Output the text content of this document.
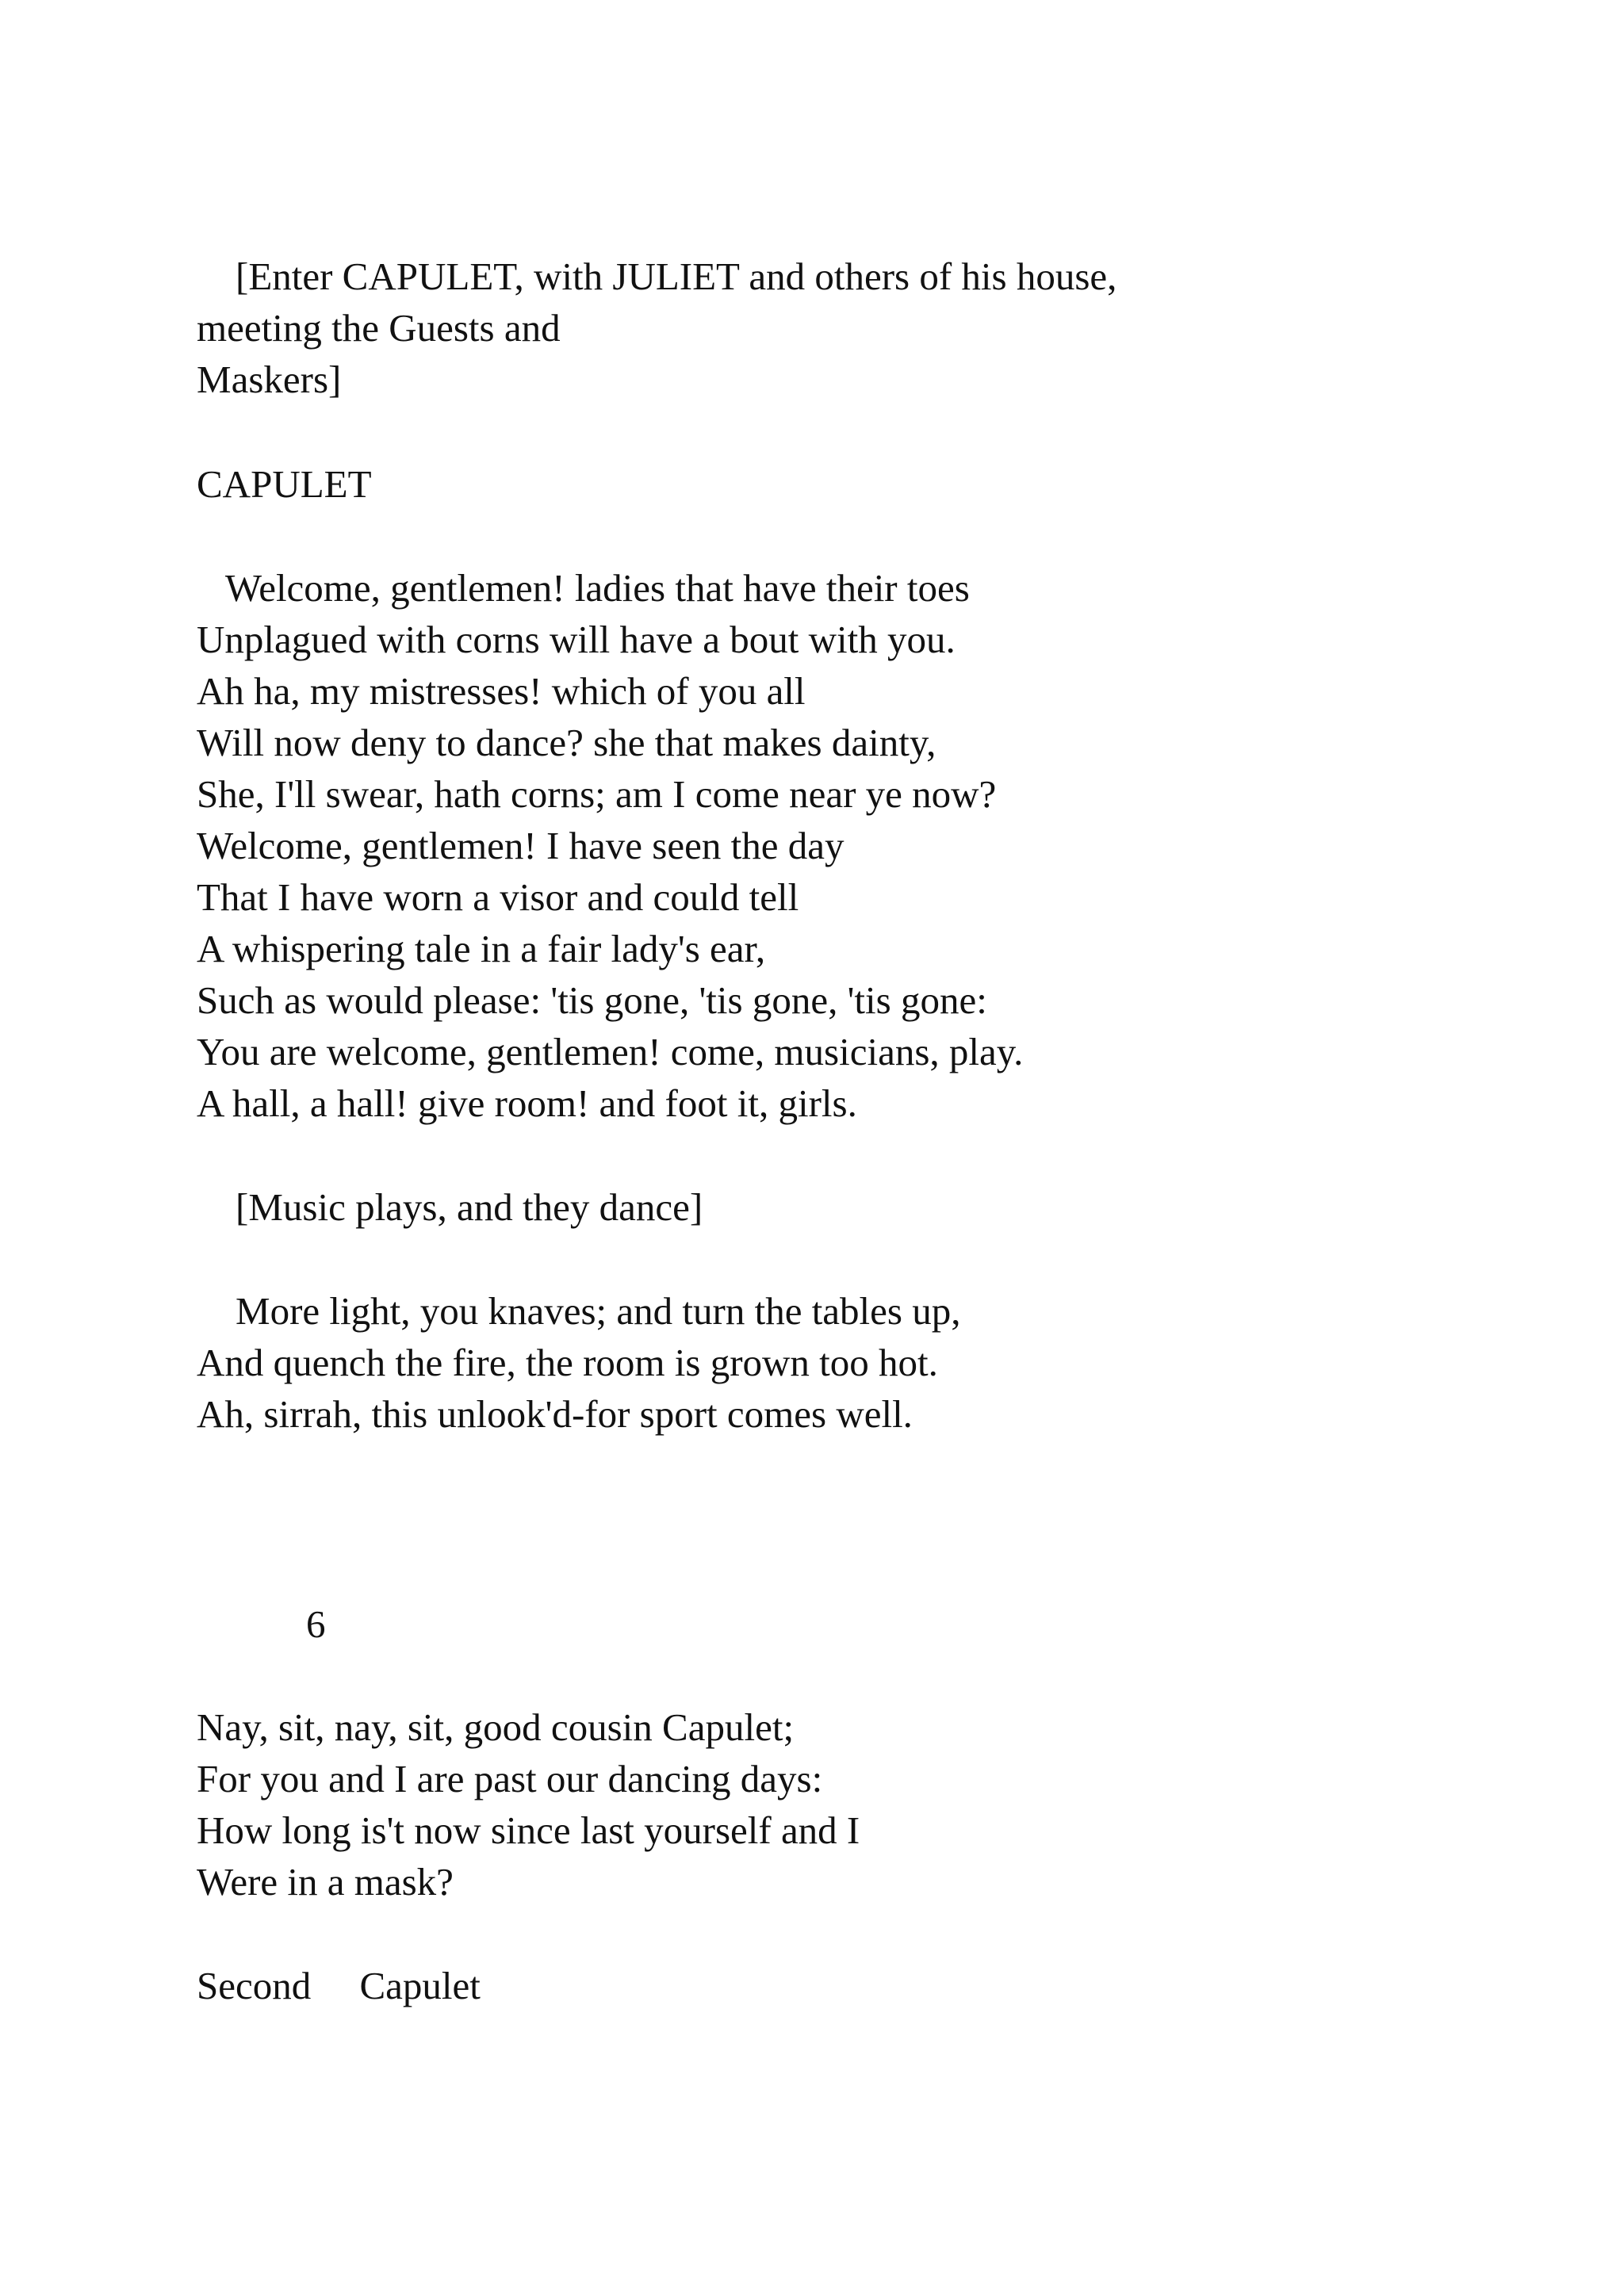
[Enter CAPULET, with JULIET and others of his house,
meeting the Guests and
Maskers]
CAPULET
Welcome, gentlemen! ladies that have their toes
Unplagued with corns will have a bout with you.
Ah ha, my mistresses! which of you all
Will now deny to dance? she that makes dainty,
She, I'll swear, hath corns; am I come near ye now?
Welcome, gentlemen! I have seen the day
That I have worn a visor and could tell
A whispering tale in a fair lady's ear,
Such as would please: 'tis gone, 'tis gone, 'tis gone:
You are welcome, gentlemen! come, musicians, play.
A hall, a hall! give room! and foot it, girls.
[Music plays, and they dance]
More light, you knaves; and turn the tables up,
And quench the fire, the room is grown too hot.
Ah, sirrah, this unlook'd-for sport comes well.
6
Nay, sit, nay, sit, good cousin Capulet;
For you and I are past our dancing days:
How long is't now since last yourself and I
Were in a mask?
Second     Capulet
